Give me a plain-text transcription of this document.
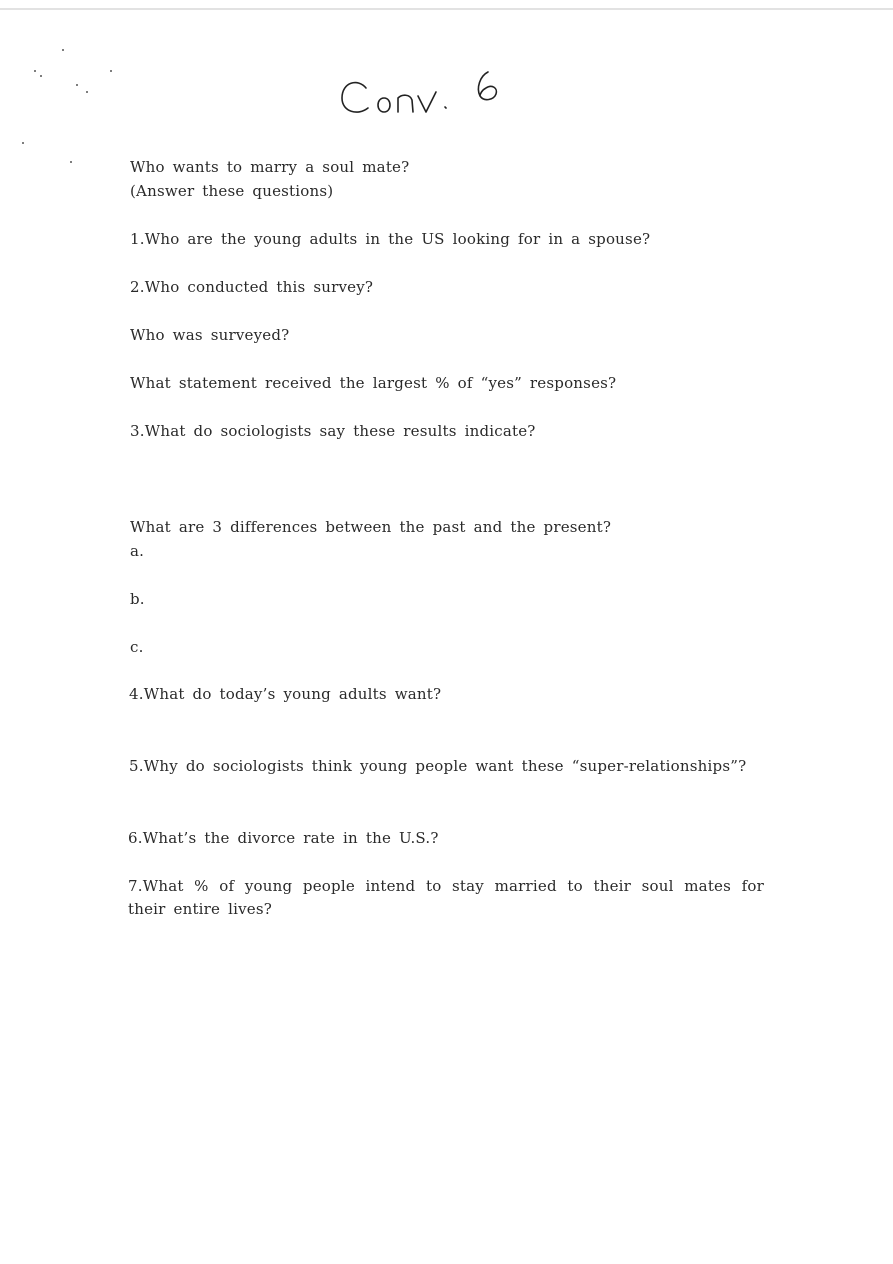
Who wants to marry a soul mate?
(Answer these questions)
1.Who are the young adults in the US looking for in a spouse?
2.Who conducted this survey?
Who was surveyed?
What statement received the largest % of “yes” responses?
3.What do sociologists say these results indicate?
What are 3 differences between the past and the present?
a.
b.
c.
4.What do today’s young adults want?
5.Why do sociologists think young people want these “super-relationships”?
6.What’s the divorce rate in the U.S.?
7.What % of young people intend to stay married to their soul mates for their entire lives?
